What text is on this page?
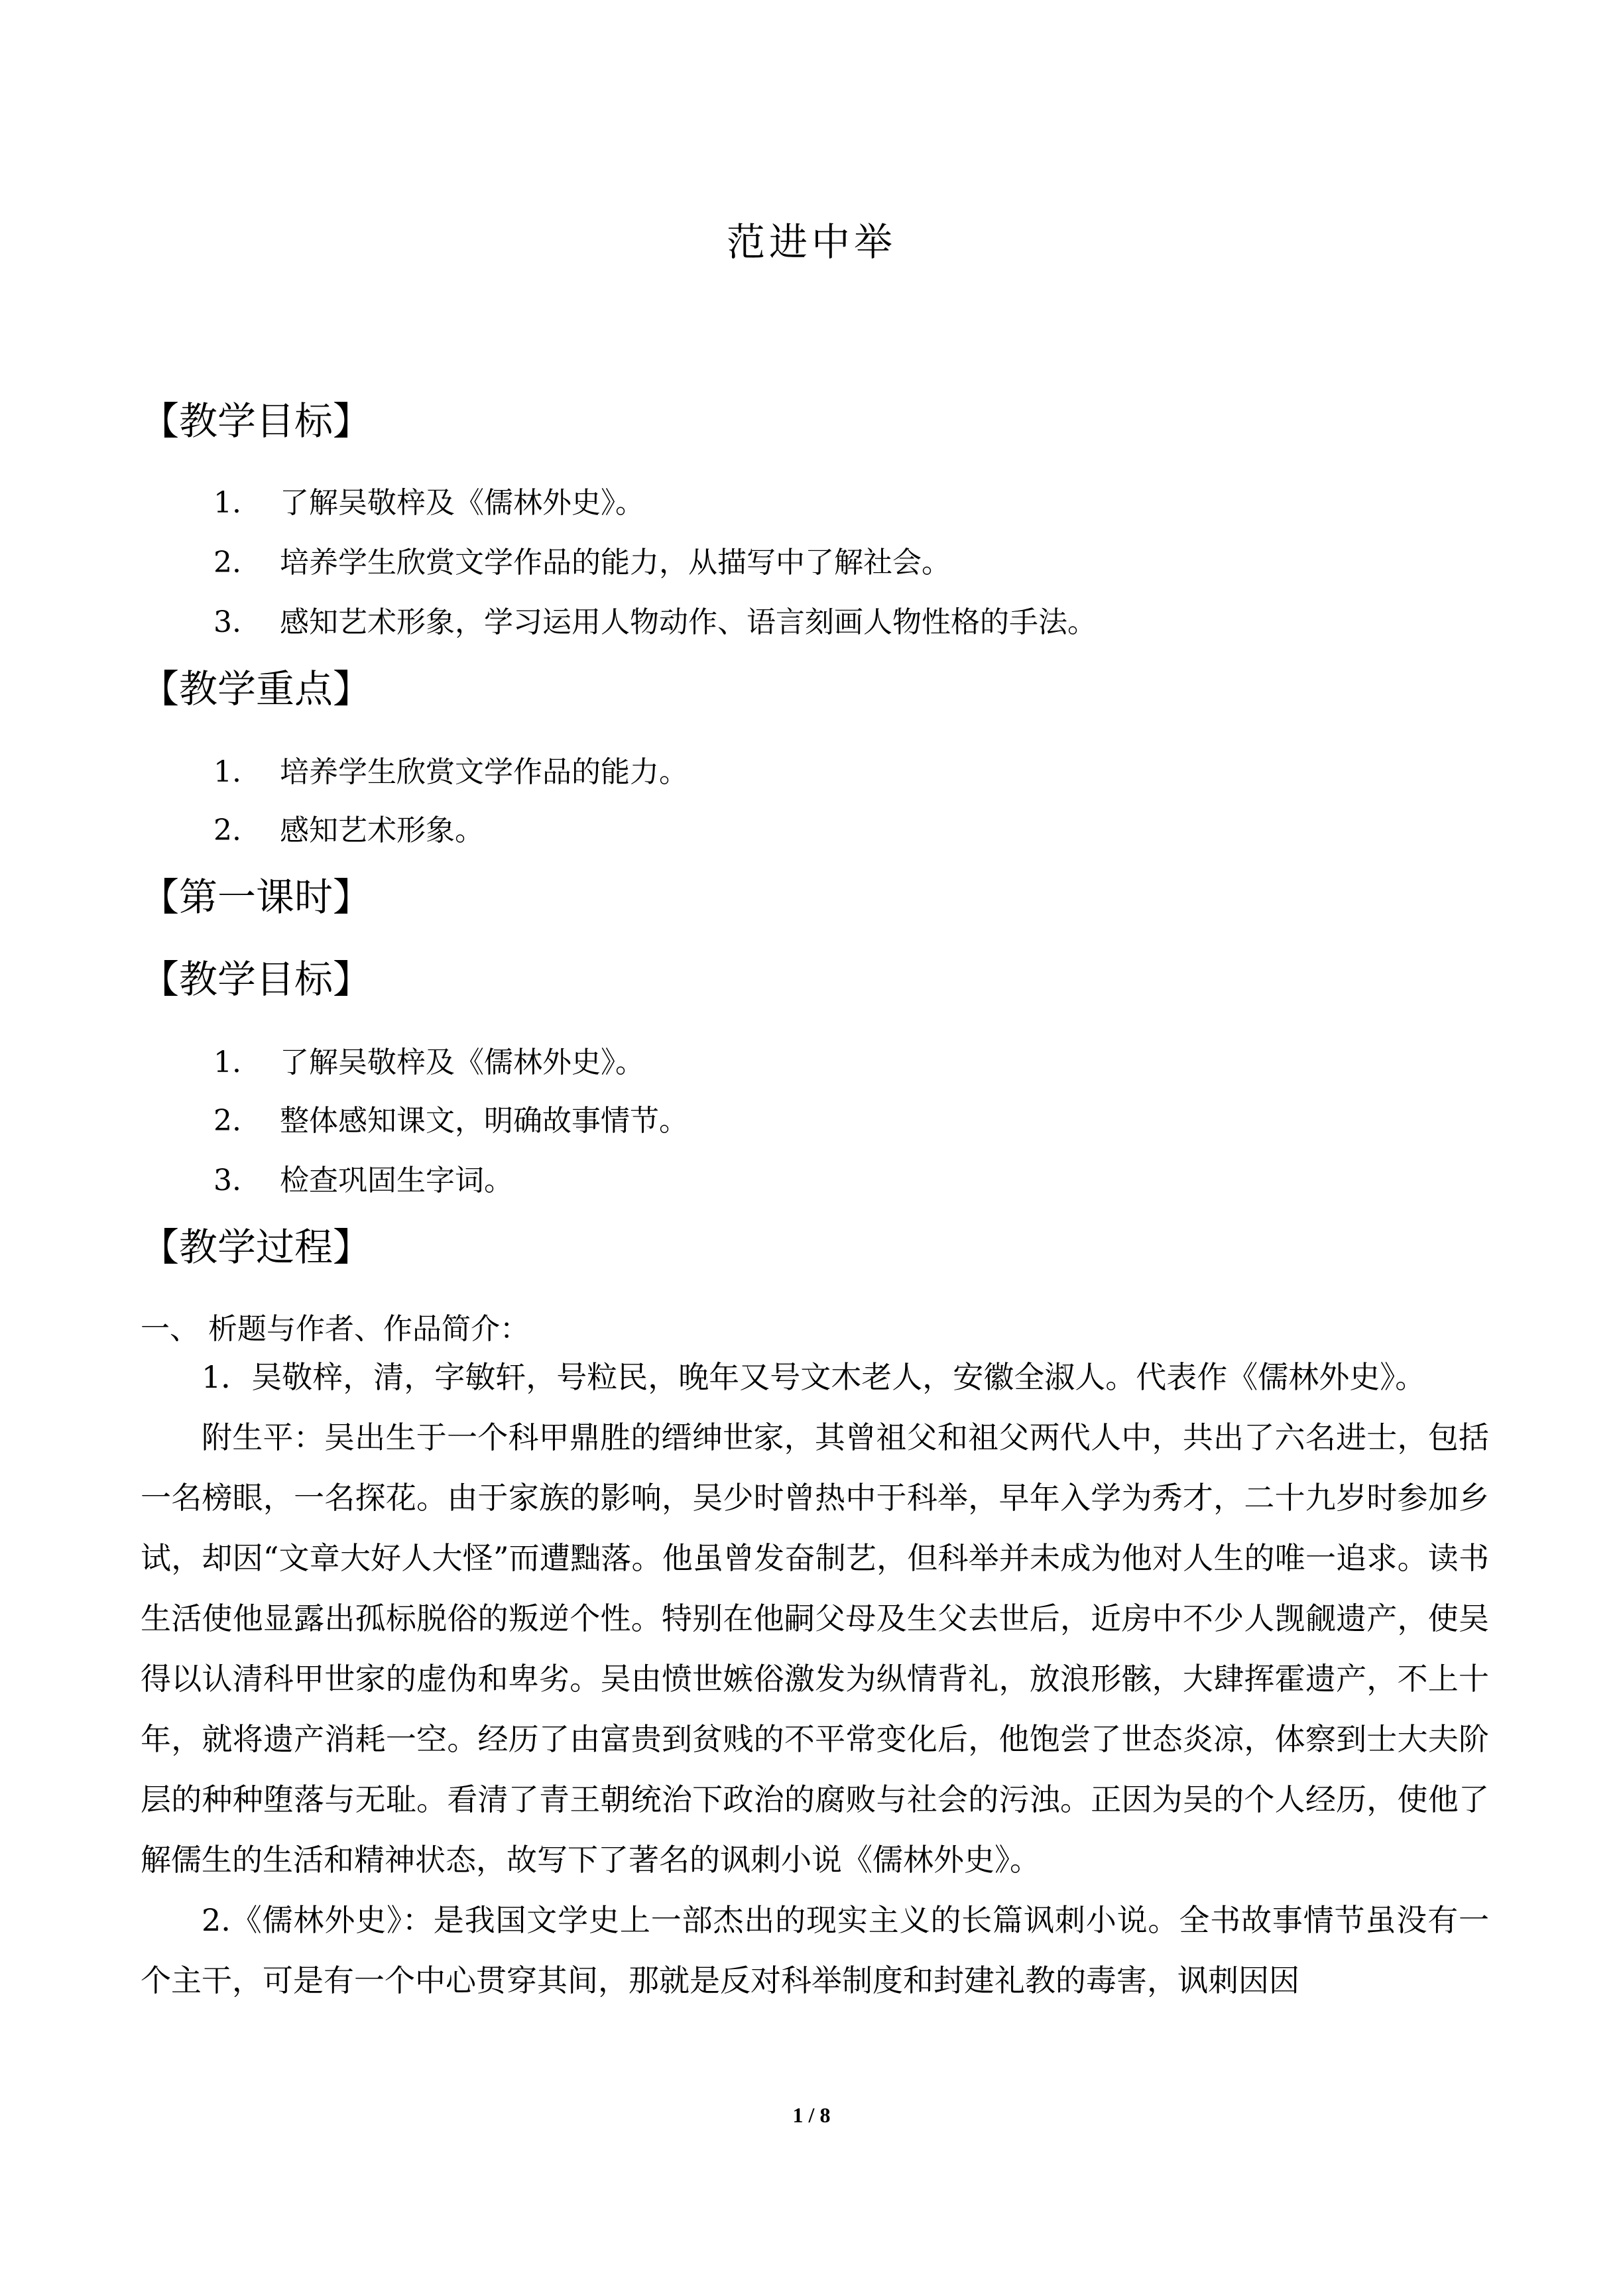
范进中举
【教学目标】
1. 了解吴敬梓及《儒林外史》。
2. 培养学生欣赏文学作品的能力，从描写中了解社会。
3. 感知艺术形象，学习运用人物动作、语言刻画人物性格的手法。
【教学重点】
1. 培养学生欣赏文学作品的能力。
2. 感知艺术形象。
【第一课时】
【教学目标】
1. 了解吴敬梓及《儒林外史》。
2. 整体感知课文，明确故事情节。
3. 检查巩固生字词。
【教学过程】
一、 析题与作者、作品简介：

1．吴敬梓，清，字敏轩，号粒民，晚年又号文木老人，安徽全淑人。代表作《儒林外史》。

附生平：吴出生于一个科甲鼎胜的缙绅世家，其曾祖父和祖父两代人中，共出了六名进士，包括一名榜眼，一名探花。由于家族的影响，吴少时曾热中于科举，早年入学为秀才，二十九岁时参加乡试，却因“文章大好人大怪”而遭黜落。他虽曾发奋制艺，但科举并未成为他对人生的唯一追求。读书生活使他显露出孤标脱俗的叛逆个性。特别在他嗣父母及生父去世后，近房中不少人觊觎遗产，使吴得以认清科甲世家的虚伪和卑劣。吴由愤世嫉俗激发为纵情背礼，放浪形骸，大肆挥霍遗产，不上十年，就将遗产消耗一空。经历了由富贵到贫贱的不平常变化后，他饱尝了世态炎凉，体察到士大夫阶层的种种堕落与无耻。看清了青王朝统治下政治的腐败与社会的污浊。正因为吴的个人经历，使他了解儒生的生活和精神状态，故写下了著名的讽刺小说《儒林外史》。

2.《儒林外史》：是我国文学史上一部杰出的现实主义的长篇讽刺小说。全书故事情节虽没有一个主干，可是有一个中心贯穿其间，那就是反对科举制度和封建礼教的毒害，讽刺因因

1 / 8
